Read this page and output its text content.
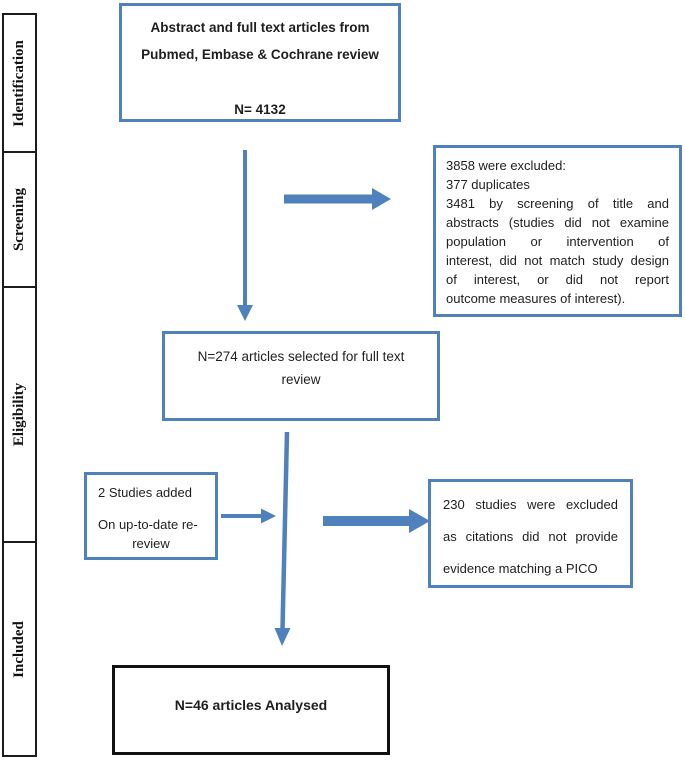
Identification
Screening
Eligibility
Included
Abstract and full text articles from
Pubmed, Embase & Cochrane review
N= 4132
3858 were excluded:
377 duplicates
3481 by screening of title and
abstracts (studies did not examine
population or intervention of
interest, did not match study design
of interest, or did not report
outcome measures of interest).
N=274 articles selected for full text
review
2 Studies added
On up-to-date re-
review
230 studies were excluded
as citations did not provide
evidence matching a PICO
N=46 articles Analysed
